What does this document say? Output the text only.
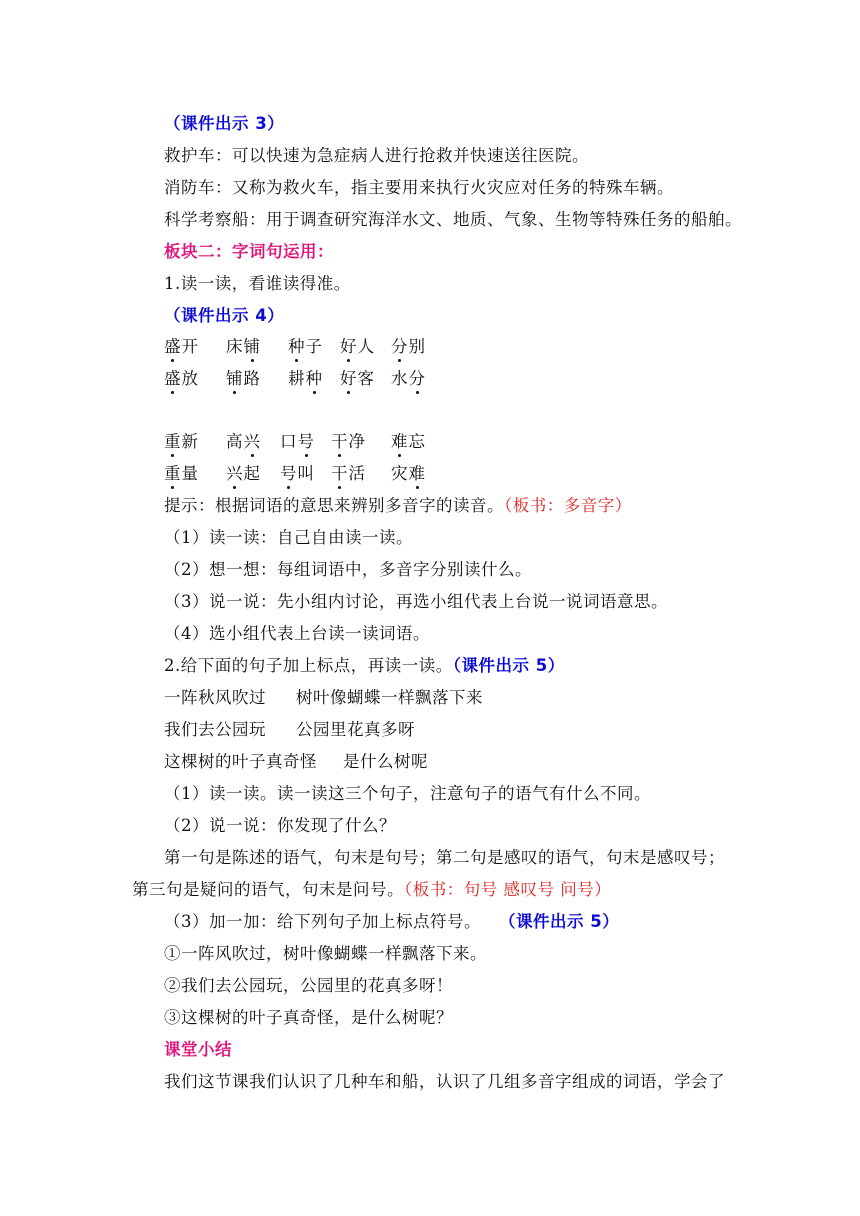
（课件出示 3）
救护车：可以快速为急症病人进行抢救并快速送往医院。
消防车：又称为救火车，指主要用来执行火灾应对任务的特殊车辆。
科学考察船：用于调查研究海洋水文、地质、气象、生物等特殊任务的船舶。
板块二：字词句运用：
1.读一读，看谁读得准。
（课件出示 4）
盛开 床铺 种子 好人 分别
盛放 铺路 耕种 好客 水分
重新 高兴 口号 干净 难忘
重量 兴起 号叫 干活 灾难
提示：根据词语的意思来辨别多音字的读音。（板书：多音字）
（1）读一读：自己自由读一读。
（2）想一想：每组词语中，多音字分别读什么。
（3）说一说：先小组内讨论，再选小组代表上台说一说词语意思。
（4）选小组代表上台读一读词语。
2.给下面的句子加上标点，再读一读。（课件出示 5）
一阵秋风吹过 树叶像蝴蝶一样飘落下来
我们去公园玩 公园里花真多呀
这棵树的叶子真奇怪 是什么树呢
（1）读一读。读一读这三个句子，注意句子的语气有什么不同。
（2）说一说：你发现了什么？
第一句是陈述的语气，句末是句号；第二句是感叹的语气，句末是感叹号；
第三句是疑问的语气，句末是问号。（板书：句号 感叹号 问号）
（3）加一加：给下列句子加上标点符号。 （课件出示 5）
①一阵风吹过，树叶像蝴蝶一样飘落下来。
②我们去公园玩，公园里的花真多呀！
③这棵树的叶子真奇怪，是什么树呢？
课堂小结
我们这节课我们认识了几种车和船，认识了几组多音字组成的词语，学会了
